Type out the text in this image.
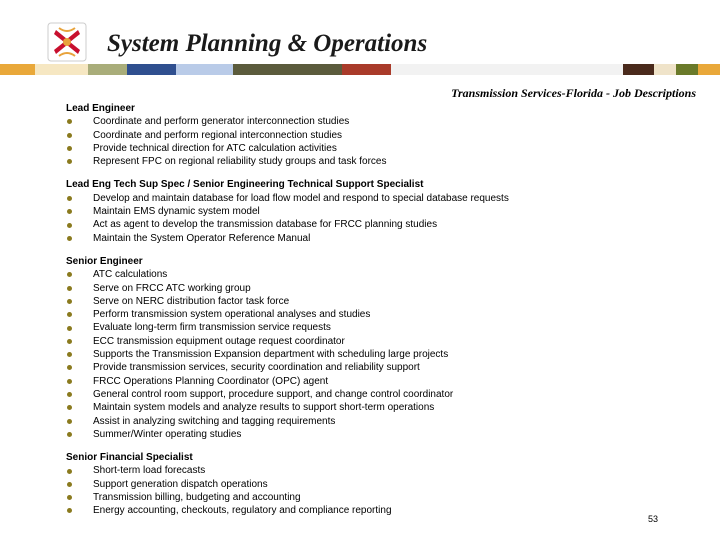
System Planning & Operations

Transmission Services-Florida - Job Descriptions

Lead Engineer
Coordinate and perform generator interconnection studies
Coordinate and perform regional interconnection studies
Provide technical direction for ATC calculation activities
Represent FPC on regional reliability study groups and task forces
Lead Eng Tech Sup Spec / Senior Engineering Technical Support Specialist
Develop and maintain database for load flow model and respond to special database requests
Maintain EMS dynamic system model
Act as agent to develop the transmission database for FRCC planning studies
Maintain the System Operator Reference Manual
Senior Engineer
ATC calculations
Serve on FRCC ATC working group
Serve on NERC distribution factor task force
Perform transmission system operational analyses and studies
Evaluate long-term firm transmission service requests
ECC transmission equipment outage request coordinator
Supports the Transmission Expansion department with scheduling large projects
Provide transmission services, security coordination and reliability support
FRCC Operations Planning Coordinator (OPC) agent
General control room support, procedure support, and change control coordinator
Maintain system models and analyze results to support short-term operations
Assist in analyzing switching and tagging requirements
Summer/Winter operating studies
Senior Financial Specialist
Short-term load forecasts
Support generation dispatch operations
Transmission billing, budgeting and accounting
Energy accounting, checkouts, regulatory and compliance reporting
53
